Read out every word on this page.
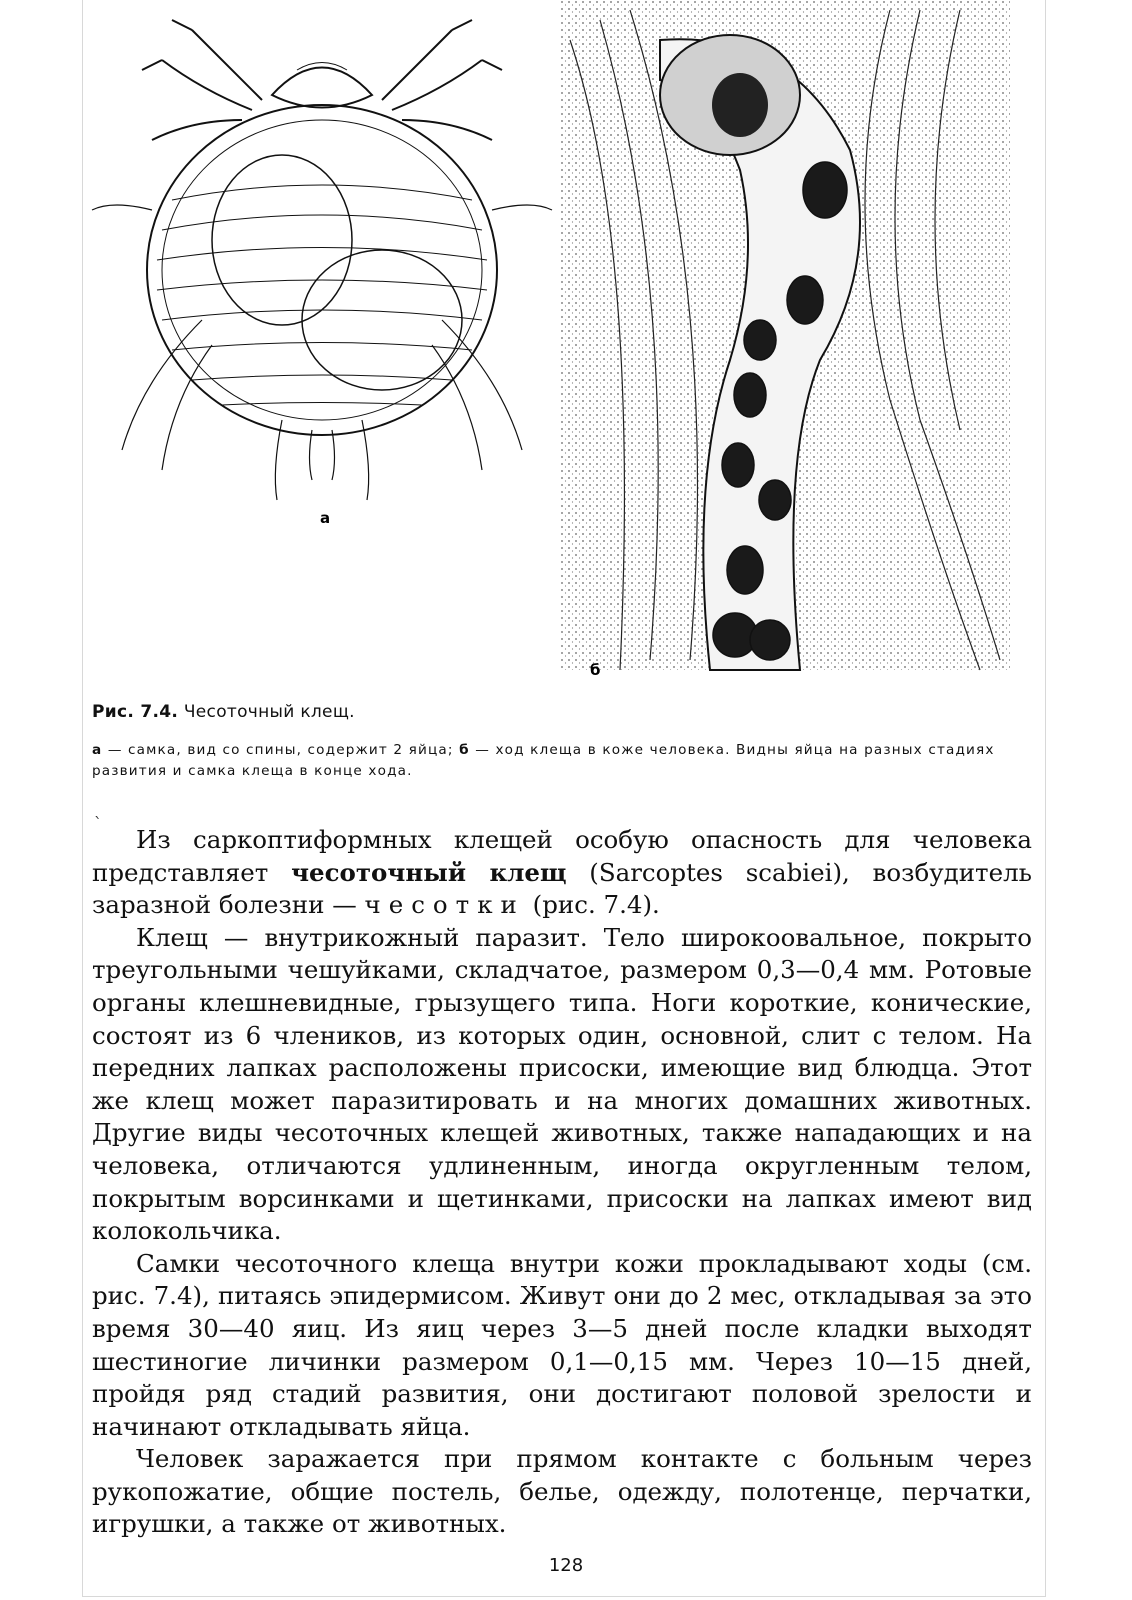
а
б
Рис. 7.4. Чесоточный клещ.
а — самка, вид со спины, содержит 2 яйца; б — ход клеща в коже человека. Видны яйца на разных стадиях развития и самка клеща в конце хода.
`

Из саркоптиформных клещей особую опасность для человека представляет чесоточный клещ (Sarcoptes scabiei), возбудитель заразной болезни — чесотки (рис. 7.4).

Клещ — внутрикожный паразит. Тело широкоовальное, покрыто треугольными чешуйками, складчатое, размером 0,3—0,4 мм. Ротовые органы клешневидные, грызущего типа. Ноги короткие, конические, состоят из 6 члеников, из которых один, основной, слит с телом. На передних лапках расположены присоски, имеющие вид блюдца. Этот же клещ может паразитировать и на многих домашних животных. Другие виды чесоточных клещей животных, также нападающих и на человека, отличаются удлиненным, иногда округленным телом, покрытым ворсинками и щетинками, присоски на лапках имеют вид колокольчика.

Самки чесоточного клеща внутри кожи прокладывают ходы (см. рис. 7.4), питаясь эпидермисом. Живут они до 2 мес, откладывая за это время 30—40 яиц. Из яиц через 3—5 дней после кладки выходят шестиногие личинки размером 0,1—0,15 мм. Через 10—15 дней, пройдя ряд стадий развития, они достигают половой зрелости и начинают откладывать яйца.

Человек заражается при прямом контакте с больным через рукопожатие, общие постель, белье, одежду, полотенце, перчатки, игрушки, а также от животных.

128
